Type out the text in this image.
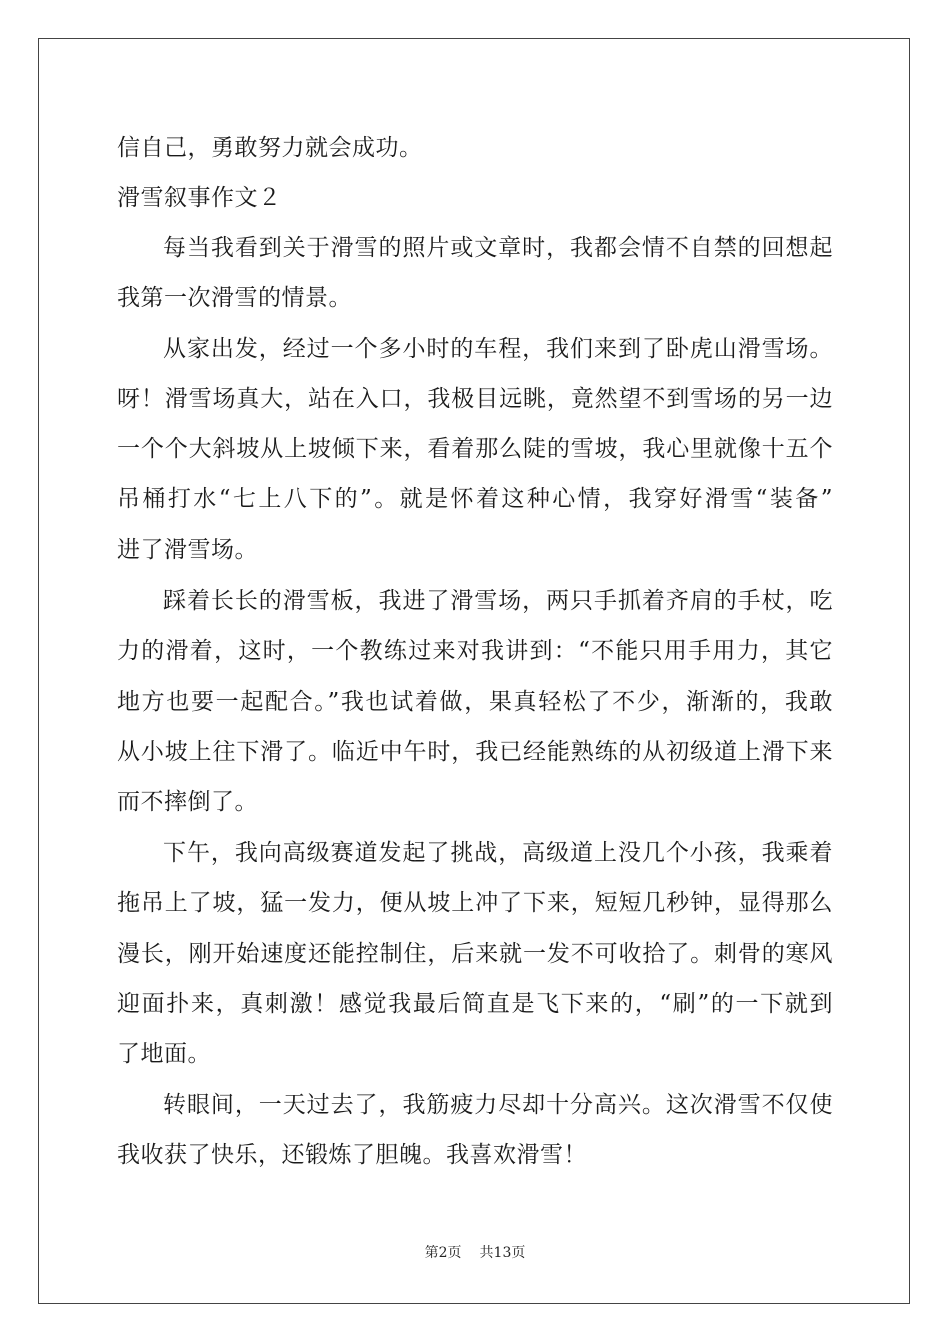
信自己，勇敢努力就会成功。
滑雪叙事作文２
每当我看到关于滑雪的照片或文章时，我都会情不自禁的回想起
我第一次滑雪的情景。
从家出发，经过一个多小时的车程，我们来到了卧虎山滑雪场。
呀！滑雪场真大，站在入口，我极目远眺，竟然望不到雪场的另一边
一个个大斜坡从上坡倾下来，看着那么陡的雪坡，我心里就像十五个
吊桶打水“七上八下的”。就是怀着这种心情，我穿好滑雪“装备”
进了滑雪场。
踩着长长的滑雪板，我进了滑雪场，两只手抓着齐肩的手杖，吃
力的滑着，这时，一个教练过来对我讲到：“不能只用手用力，其它
地方也要一起配合。”我也试着做，果真轻松了不少，渐渐的，我敢
从小坡上往下滑了。临近中午时，我已经能熟练的从初级道上滑下来
而不摔倒了。
下午，我向高级赛道发起了挑战，高级道上没几个小孩，我乘着
拖吊上了坡，猛一发力，便从坡上冲了下来，短短几秒钟，显得那么
漫长，刚开始速度还能控制住，后来就一发不可收拾了。刺骨的寒风
迎面扑来，真刺激！感觉我最后简直是飞下来的，“刷”的一下就到
了地面。
转眼间，一天过去了，我筋疲力尽却十分高兴。这次滑雪不仅使
我收获了快乐，还锻炼了胆魄。我喜欢滑雪！
第2页 共13页
